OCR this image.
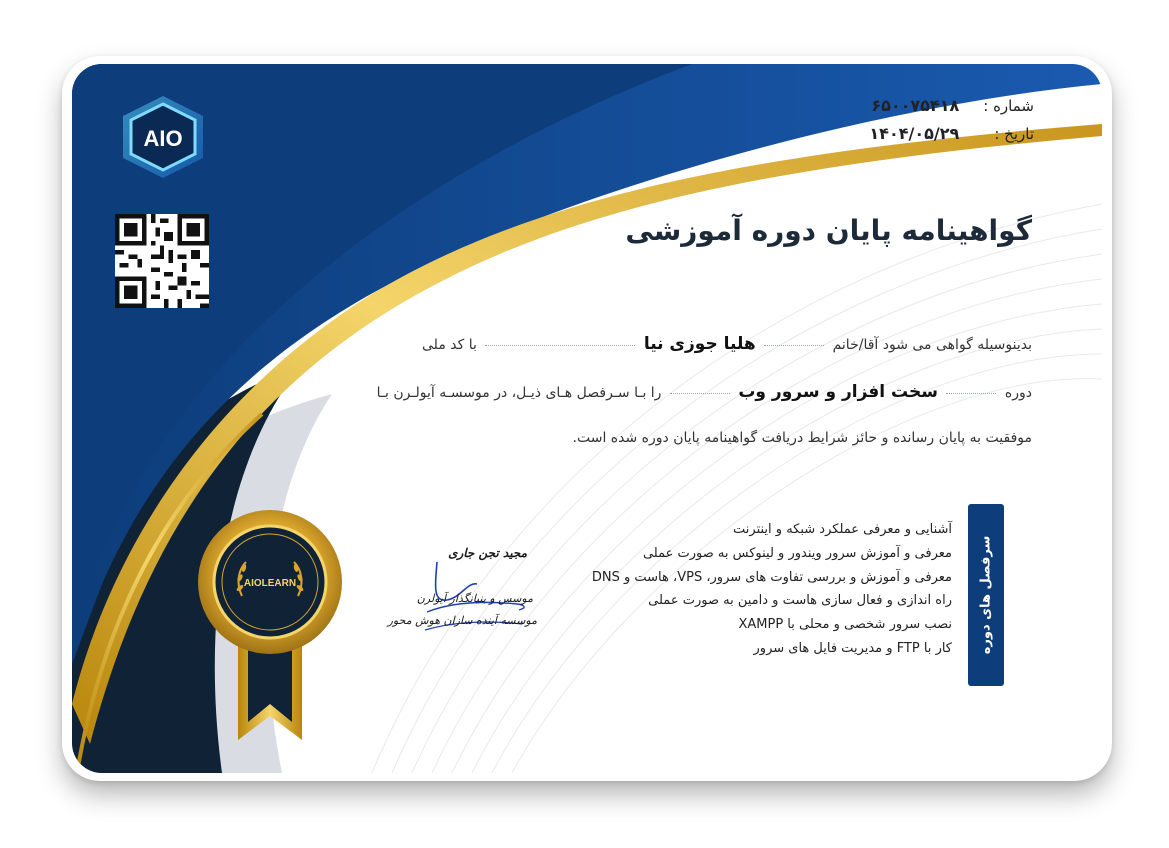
AIO
شماره : ۶۵۰۰۷۵۴۱۸
تاریخ : ۱۴۰۴/۰۵/۲۹
گواهینامه پایان دوره آموزشی
بدینوسیله گواهی می شود آقا/خانم  هلیا جوزی نیا  با کد ملی
دوره  سخت افزار و سرور وب  را بـا سـرفصل هـای ذیـل، در موسسـه آیولـرن بـا
موفقیت به پایان رسانده و حائز شرایط دریافت گواهینامه پایان دوره شده است.
سرفصل های دوره
آشنایی و معرفی عملکرد شبکه و اینترنت
معرفی و آموزش سرور ویندور و لینوکس به صورت عملی
معرفی و آموزش و بررسی تفاوت های سرور، VPS، هاست و DNS
راه اندازی و فعال سازی هاست و دامین به صورت عملی
نصب سرور شخصی و محلی با XAMPP
کار با FTP و مدیریت فایل های سرور
مجید تجن جاری
موسس و بنیانگذار آیولرن
موسسه آینده سازان هوش محور
AIOLEARN
